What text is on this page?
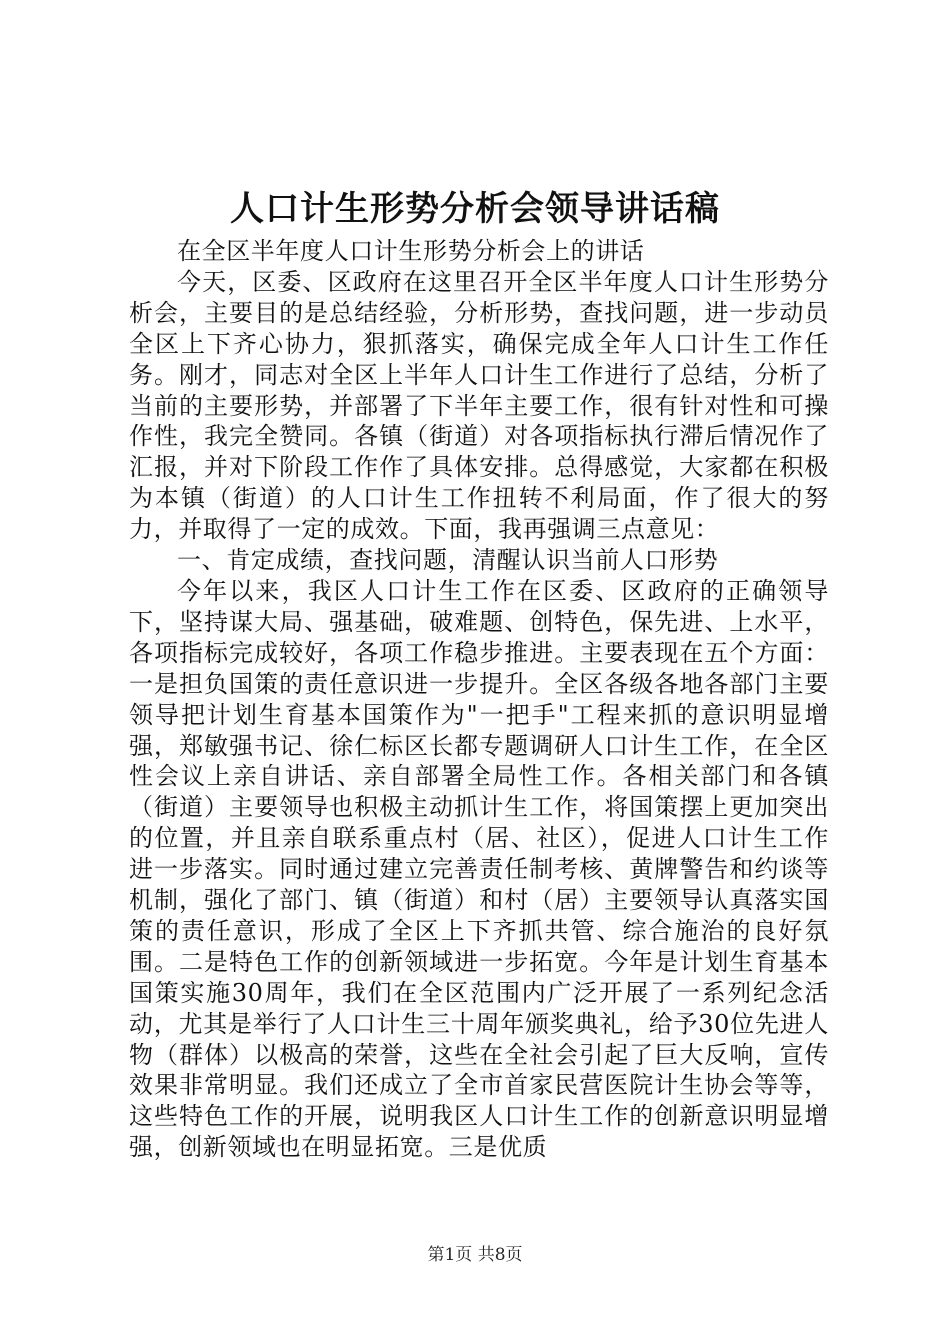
人口计生形势分析会领导讲话稿

在全区半年度人口计生形势分析会上的讲话

今天，区委、区政府在这里召开全区半年度人口计生形势分析会，主要目的是总结经验，分析形势，查找问题，进一步动员全区上下齐心协力，狠抓落实，确保完成全年人口计生工作任务。刚才，同志对全区上半年人口计生工作进行了总结，分析了当前的主要形势，并部署了下半年主要工作，很有针对性和可操作性，我完全赞同。各镇（街道）对各项指标执行滞后情况作了汇报，并对下阶段工作作了具体安排。总得感觉，大家都在积极为本镇（街道）的人口计生工作扭转不利局面，作了很大的努力，并取得了一定的成效。下面，我再强调三点意见：

一、肯定成绩，查找问题，清醒认识当前人口形势

今年以来，我区人口计生工作在区委、区政府的正确领导下，坚持谋大局、强基础，破难题、创特色，保先进、上水平，各项指标完成较好，各项工作稳步推进。主要表现在五个方面：一是担负国策的责任意识进一步提升。全区各级各地各部门主要领导把计划生育基本国策作为"一把手"工程来抓的意识明显增强，郑敏强书记、徐仁标区长都专题调研人口计生工作，在全区性会议上亲自讲话、亲自部署全局性工作。各相关部门和各镇（街道）主要领导也积极主动抓计生工作，将国策摆上更加突出的位置，并且亲自联系重点村（居、社区），促进人口计生工作进一步落实。同时通过建立完善责任制考核、黄牌警告和约谈等机制，强化了部门、镇（街道）和村（居）主要领导认真落实国策的责任意识，形成了全区上下齐抓共管、综合施治的良好氛围。二是特色工作的创新领域进一步拓宽。今年是计划生育基本国策实施30周年，我们在全区范围内广泛开展了一系列纪念活动，尤其是举行了人口计生三十周年颁奖典礼，给予30位先进人物（群体）以极高的荣誉，这些在全社会引起了巨大反响，宣传效果非常明显。我们还成立了全市首家民营医院计生协会等等，这些特色工作的开展，说明我区人口计生工作的创新意识明显增强，创新领域也在明显拓宽。三是优质

第1页 共8页
